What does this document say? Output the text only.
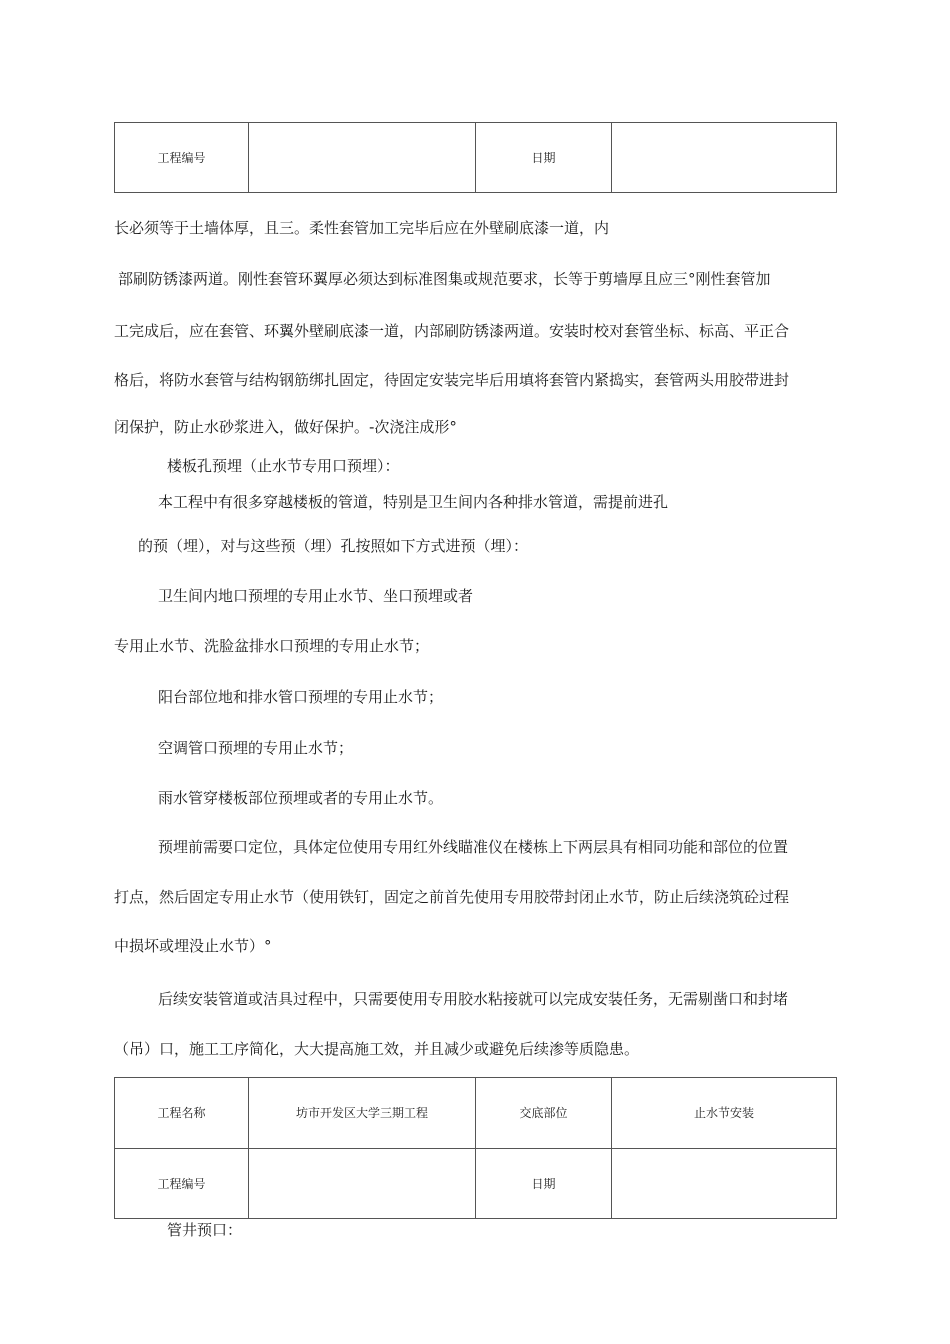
工程编号		日期	
长必须等于土墙体厚，且三。柔性套管加工完毕后应在外壁刷底漆一道，内
部刷防锈漆两道。刚性套管环翼厚必须达到标准图集或规范要求，长等于剪墙厚且应三°刚性套管加
工完成后，应在套管、环翼外壁刷底漆一道，内部刷防锈漆两道。安装时校对套管坐标、标高、平正合
格后，将防水套管与结构钢筋绑扎固定，待固定安装完毕后用填将套管内紧捣实，套管两头用胶带进封
闭保护，防止水砂浆进入，做好保护。-次浇注成形°
楼板孔预埋（止水节专用口预埋）：
本工程中有很多穿越楼板的管道，特别是卫生间内各种排水管道，需提前进孔
的预（埋），对与这些预（埋）孔按照如下方式进预（埋）：
卫生间内地口预埋的专用止水节、坐口预埋或者
专用止水节、洗脸盆排水口预埋的专用止水节；
阳台部位地和排水管口预埋的专用止水节；
空调管口预埋的专用止水节；
雨水管穿楼板部位预埋或者的专用止水节。
预埋前需要口定位，具体定位使用专用红外线瞄准仪在楼栋上下两层具有相同功能和部位的位置
打点，然后固定专用止水节（使用铁钉，固定之前首先使用专用胶带封闭止水节，防止后续浇筑砼过程
中损坏或埋没止水节）°
后续安装管道或洁具过程中，只需要使用专用胶水粘接就可以完成安装任务，无需剔凿口和封堵
（吊）口，施工工序简化，大大提高施工效，并且减少或避免后续渗等质隐患。
工程名称	坊市开发区大学三期工程	交底部位	止水节安装
工程编号		日期	
管井预口：
